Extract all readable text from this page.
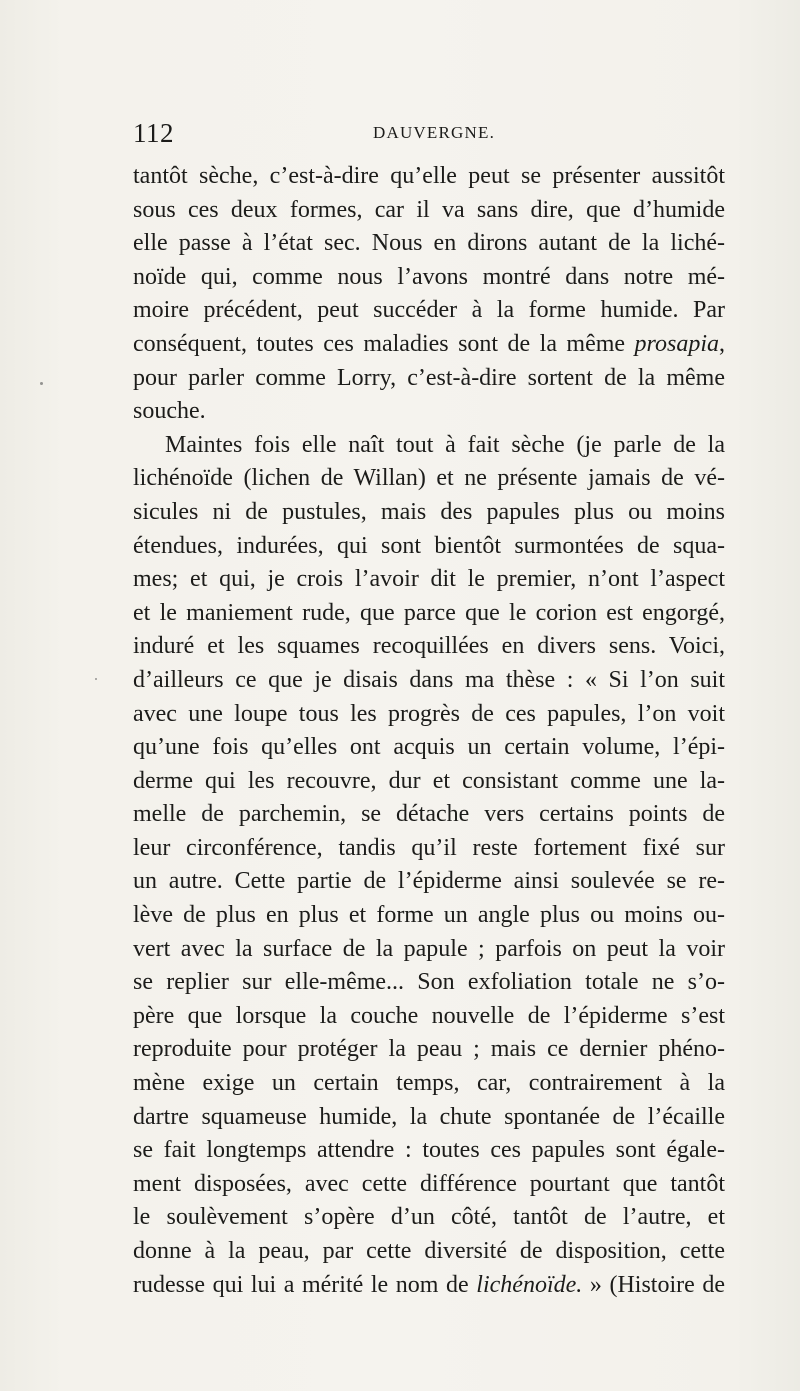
112	DAUVERGNE.
tantôt sèche, c’est-à-dire qu’elle peut se présenter aussitôt
sous ces deux formes, car il va sans dire, que d’humide
elle passe à l’état sec. Nous en dirons autant de la liché-
noïde qui, comme nous l’avons montré dans notre mé-
moire précédent, peut succéder à la forme humide. Par
conséquent, toutes ces maladies sont de la même prosapia,
pour parler comme Lorry, c’est-à-dire sortent de la même
souche.
Maintes fois elle naît tout à fait sèche (je parle de la
lichénoïde (lichen de Willan) et ne présente jamais de vé-
sicules ni de pustules, mais des papules plus ou moins
étendues, indurées, qui sont bientôt surmontées de squa-
mes; et qui, je crois l’avoir dit le premier, n’ont l’aspect
et le maniement rude, que parce que le corion est engorgé,
induré et les squames recoquillées en divers sens. Voici,
d’ailleurs ce que je disais dans ma thèse : « Si l’on suit
avec une loupe tous les progrès de ces papules, l’on voit
qu’une fois qu’elles ont acquis un certain volume, l’épi-
derme qui les recouvre, dur et consistant comme une la-
melle de parchemin, se détache vers certains points de
leur circonférence, tandis qu’il reste fortement fixé sur
un autre. Cette partie de l’épiderme ainsi soulevée se re-
lève de plus en plus et forme un angle plus ou moins ou-
vert avec la surface de la papule ; parfois on peut la voir
se replier sur elle-même... Son exfoliation totale ne s’o-
père que lorsque la couche nouvelle de l’épiderme s’est
reproduite pour protéger la peau ; mais ce dernier phéno-
mène exige un certain temps, car, contrairement à la
dartre squameuse humide, la chute spontanée de l’écaille
se fait longtemps attendre : toutes ces papules sont égale-
ment disposées, avec cette différence pourtant que tantôt
le soulèvement s’opère d’un côté, tantôt de l’autre, et
donne à la peau, par cette diversité de disposition, cette
rudesse qui lui a mérité le nom de lichénoïde. » (Histoire de
